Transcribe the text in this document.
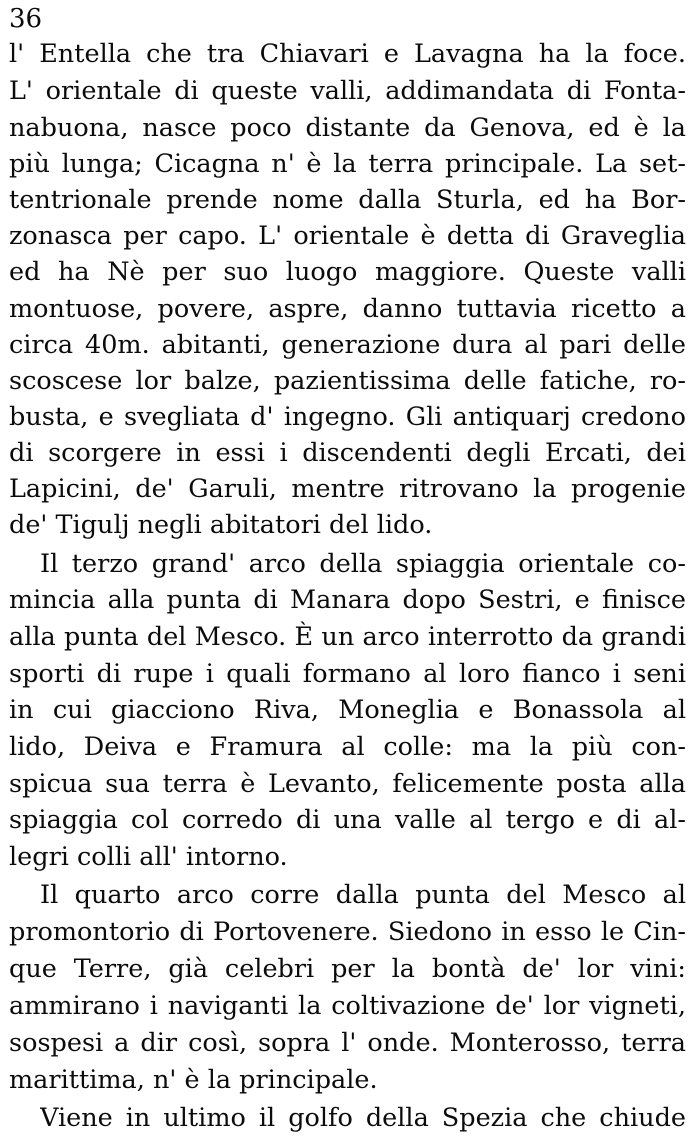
36
l' Entella che tra Chiavari e Lavagna ha la foce.
L' orientale di queste valli, addimandata di Fonta-
nabuona, nasce poco distante da Genova, ed è la
più lunga; Cicagna n' è la terra principale. La set-
tentrionale prende nome dalla Sturla, ed ha Bor-
zonasca per capo. L' orientale è detta di Graveglia
ed ha Nè per suo luogo maggiore. Queste valli
montuose, povere, aspre, danno tuttavia ricetto a
circa 40m. abitanti, generazione dura al pari delle
scoscese lor balze, pazientissima delle fatiche, ro-
busta, e svegliata d' ingegno. Gli antiquarj credono
di scorgere in essi i discendenti degli Ercati, dei
Lapicini, de' Garuli, mentre ritrovano la progenie
de' Tigulj negli abitatori del lido.
Il terzo grand' arco della spiaggia orientale co-
mincia alla punta di Manara dopo Sestri, e finisce
alla punta del Mesco. È un arco interrotto da grandi
sporti di rupe i quali formano al loro fianco i seni
in cui giacciono Riva, Moneglia e Bonassola al
lido, Deiva e Framura al colle: ma la più con-
spicua sua terra è Levanto, felicemente posta alla
spiaggia col corredo di una valle al tergo e di al-
legri colli all' intorno.
Il quarto arco corre dalla punta del Mesco al
promontorio di Portovenere. Siedono in esso le Cin-
que Terre, già celebri per la bontà de' lor vini:
ammirano i naviganti la coltivazione de' lor vigneti,
sospesi a dir così, sopra l' onde. Monterosso, terra
marittima, n' è la principale.
Viene in ultimo il golfo della Spezia che chiude
